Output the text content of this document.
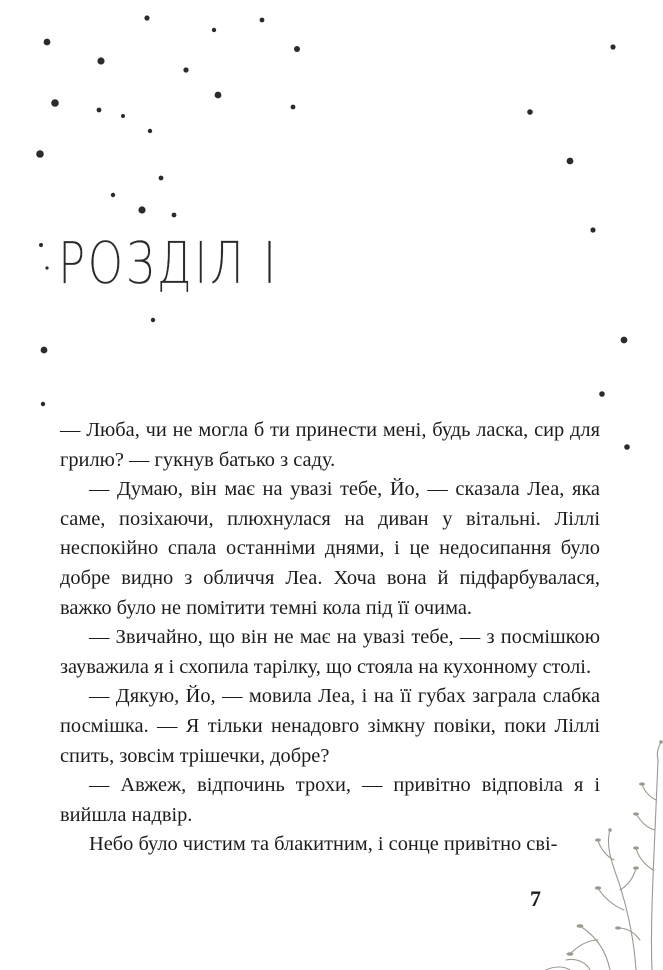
РОЗДІЛ І

— Люба, чи не могла б ти принести мені, будь ласка, сир для грилю? — гукнув батько з саду.

— Думаю, він має на увазі тебе, Йо, — сказала Леа, яка саме, позіхаючи, плюхнулася на диван у вітальні. Ліллі неспокійно спала останніми днями, і це недосипання було добре видно з обличчя Леа. Хоча вона й підфарбувалася, важко було не помітити темні кола під її очима.

— Звичайно, що він не має на увазі тебе, — з посмішкою зауважила я і схопила тарілку, що стояла на кухонному столі.

— Дякую, Йо, — мовила Леа, і на її губах заграла слабка посмішка. — Я тільки ненадовго зімкну повіки, поки Ліллі спить, зовсім трішечки, добре?

— Авжеж, відпочинь трохи, — привітно відповіла я і вийшла надвір.

Небо було чистим та блакитним, і сонце привітно сві-

7
